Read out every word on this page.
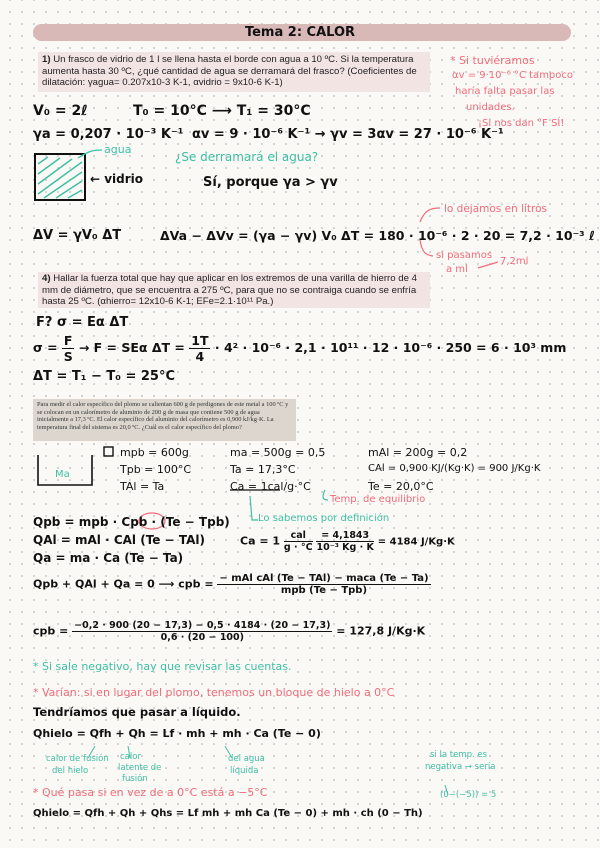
Tema 2: CALOR
1) Un frasco de vidrio de 1 l se llena hasta el borde con agua a 10 ºC. Si la temperatura aumenta hasta 30 ºC, ¿qué cantidad de agua se derramará del frasco? (Coeficientes de dilatación: γagua= 0.207x10-3 K-1, αvidrio = 9x10-6 K-1)
* Si tuviéramos
αv = 9·10⁻⁶ °C tampoco
haría falta pasar las
unidades.
¡Si nos dan °F SÍ!
V₀ = 2ℓ	T₀ = 10°C ⟶ T₁ = 30°C
γa = 0,207 · 10⁻³ K⁻¹ αv = 9 · 10⁻⁶ K⁻¹ → γv = 3αv = 27 · 10⁻⁶ K⁻¹
agua
← vidrio
¿Se derramará el agua?
Sí, porque γa > γv
ΔV = γV₀ ΔT	ΔVa − ΔVv = (γa − γv) V₀ ΔT = 180 · 10⁻⁶ · 2 · 20 = 7,2 · 10⁻³ ℓ
lo dejamos en litros
si pasamos
a ml
7,2ml
4) Hallar la fuerza total que hay que aplicar en los extremos de una varilla de hierro de 4 mm de diámetro, que se encuentra a 275 ºC, para que no se contraiga cuando se enfría hasta 25 ºC. (αhierro= 12x10-6 K-1; EFe=2.1·10¹¹ Pa.)
F? σ = Eα ΔT
$\sigma = \frac{F}{S} \to F = SE\alpha$ $\Delta T = \frac{1T}{4} \cdot 4^2 \cdot 10^{-6} \cdot 2,1 \cdot 10^{11} \cdot 12 \cdot 10^{-6} \cdot 250 = 6 \cdot 10^3$ mm
ΔT = T₁ − T₀ = 25°C
Para medir el calor específico del plomo se calientan 600 g de perdigones de este metal a 100 ºC y se colocan en un calorímetro de aluminio de 200 g de masa que contiene 500 g de agua inicialmente a 17,3 ºC. El calor específico del aluminio del calorímetro es 0,900 kJ/kg·K. La temperatura final del sistema es 20,0 ºC. ¿Cuál es el calor específico del plomo?
Ma
mpb = 600g
Tpb = 100°C
TAl = Ta
ma = 500g = 0,5	mAl = 200g = 0,2
Ta = 17,3°C	CAl = 0,900 KJ/(Kg·K) = 900 J/Kg·K
Ca = 1cal/g·°C	Te = 20,0°C
Temp. de equilibrio
Qpb = mpb · Cpb · (Te − Tpb)
QAl = mAl · CAl (Te − TAl)
Qa = ma · Ca (Te − Ta)
Lo sabemos por definición
$Ca = 1 \frac{\text{cal}}{g \cdot ^\circ C}$
$\frac{= 4,1843}{\text{10⁻³ Kg · K}} = 4184$ J/Kg·K
Qpb + QAl + Qa = 0 ⟶ cpb = $\frac{\text{− mAl cAl (Te − TAl) − maca (Te − Ta)}}{\text{mpb (Te − Tpb)}}$
cpb = $\frac{-0,2 \cdot 900 (20 - 17,3) - 0,5 \cdot 4184 \cdot (20 - 17,3)}{0,6 \cdot (20 - 100)} = 127,8$ J/Kg·K
* Si sale negativo, hay que revisar las cuentas.
* Varían: si en lugar del plomo, tenemos un bloque de hielo a 0°C
Tendríamos que pasar a líquido.
Qhielo = Qfh + Qh = Lf · mh + mh · Ca (Te − 0)
calor de fusión
del hielo
calor
latente de
fusión
del agua
líquida
si la temp. es
negativa → sería
(0−(−5)) = 5
* Qué pasa si en vez de a 0°C está a −5°C
Qhielo = Qfh + Qh + Qhs = Lf mh + mh Ca (Te − 0) + mh · ch (0 − Th)
